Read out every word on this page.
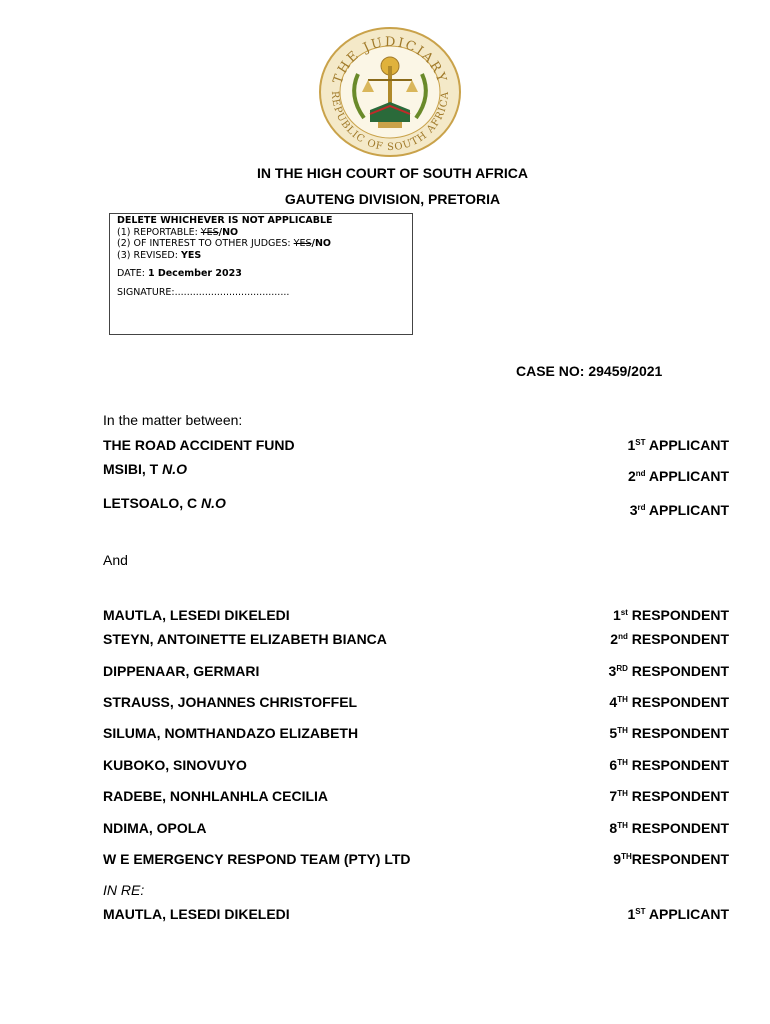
THE JUDICIARY
REPUBLIC OF SOUTH AFRICA
IN THE HIGH COURT OF SOUTH AFRICA
GAUTENG DIVISION, PRETORIA
DELETE WHICHEVER IS NOT APPLICABLE
(1) REPORTABLE: YES/NO
(2) OF INTEREST TO OTHER JUDGES: YES/NO
(3) REVISED: YES
DATE: 1 December 2023
SIGNATURE:......................................
CASE NO: 29459/2021
In the matter between:
THE ROAD ACCIDENT FUND	1ST APPLICANT
MSIBI, T N.O	2nd APPLICANT
LETSOALO, C N.O	3rd APPLICANT
And
MAUTLA, LESEDI DIKELEDI	1st RESPONDENT
STEYN, ANTOINETTE ELIZABETH BIANCA	2nd RESPONDENT
DIPPENAAR, GERMARI	3RD RESPONDENT
STRAUSS, JOHANNES CHRISTOFFEL	4TH RESPONDENT
SILUMA, NOMTHANDAZO ELIZABETH	5TH RESPONDENT
KUBOKO, SINOVUYO	6TH RESPONDENT
RADEBE, NONHLANHLA CECILIA	7TH RESPONDENT
NDIMA, OPOLA	8TH RESPONDENT
W E EMERGENCY RESPOND TEAM (PTY) LTD	9THRESPONDENT
IN RE:
MAUTLA, LESEDI DIKELEDI	1ST APPLICANT
